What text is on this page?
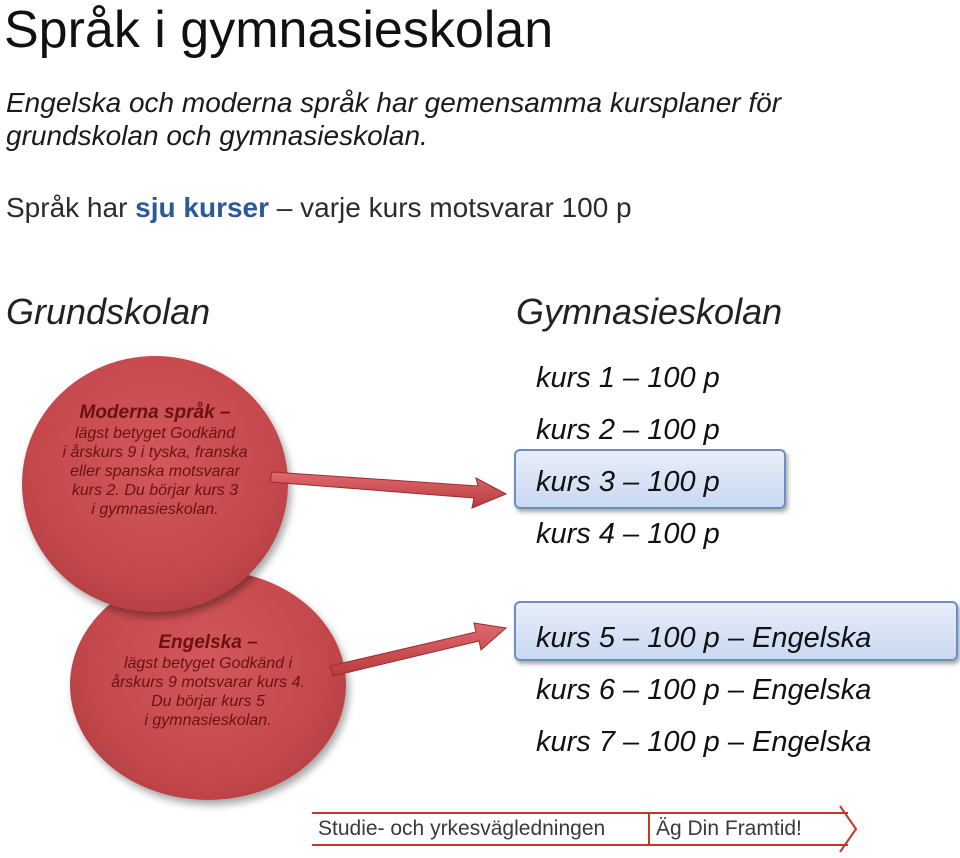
Språk i gymnasieskolan
Engelska och moderna språk har gemensamma kursplaner för grundskolan och gymnasieskolan.
Språk har sju kurser – varje kurs motsvarar 100 p
Grundskolan	Gymnasieskolan
Engelska –
lägst betyget Godkänd i
årskurs 9 motsvarar kurs 4.
Du börjar kurs 5
i gymnasieskolan.
Moderna språk –
lägst betyget Godkänd
i årskurs 9 i tyska, franska
eller spanska motsvarar
kurs 2. Du börjar kurs 3
i gymnasieskolan.
kurs 1 – 100 p
kurs 2 – 100 p
kurs 3 – 100 p
kurs 4 – 100 p
kurs 5 – 100 p – Engelska
kurs 6 – 100 p – Engelska
kurs 7 – 100 p – Engelska
Studie- och yrkesvägledningen Äg Din Framtid!
